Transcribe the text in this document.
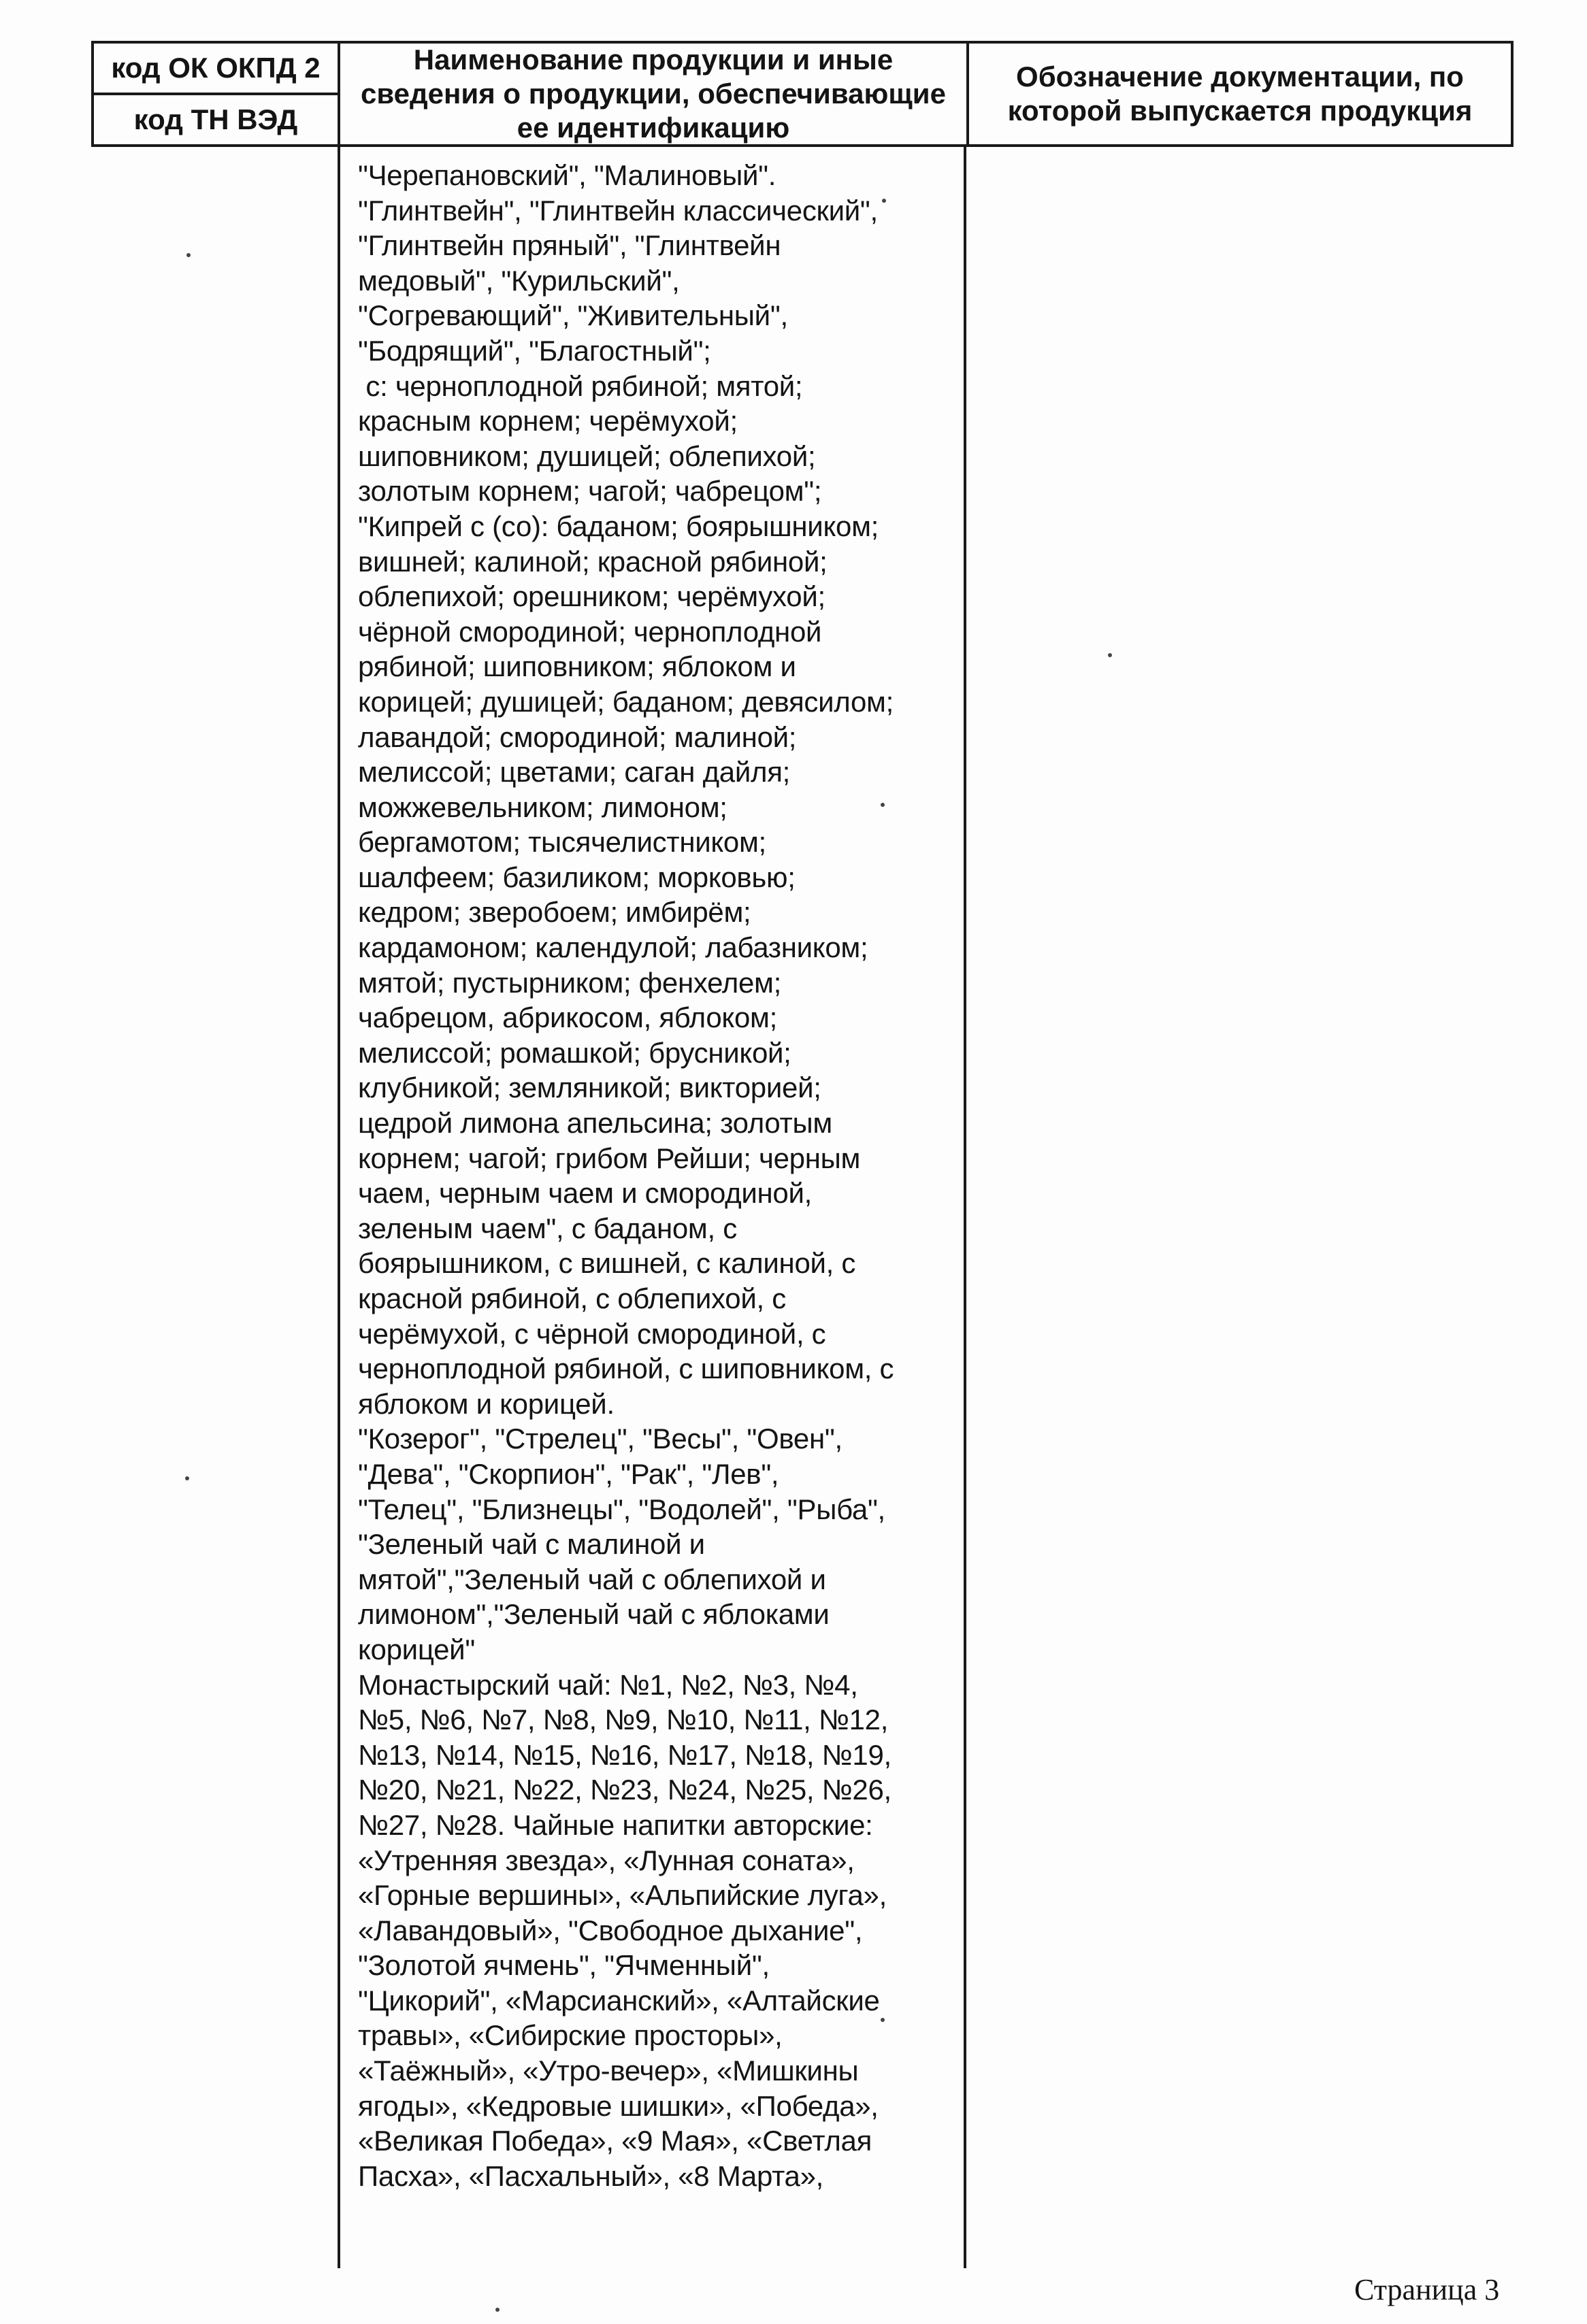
код ОК ОКПД 2
код ТН ВЭД
Наименование продукции и иные сведения о продукции, обеспечивающие ее идентификацию
Обозначение документации, по которой выпускается продукция
"Черепановский", "Малиновый".
"Глинтвейн", "Глинтвейн классический",
"Глинтвейн пряный", "Глинтвейн
медовый", "Курильский",
"Согревающий", "Живительный",
"Бодрящий", "Благостный";
с: черноплодной рябиной; мятой;
красным корнем; черёмухой;
шиповником; душицей; облепихой;
золотым корнем; чагой; чабрецом";
"Кипрей с (со): баданом; боярышником;
вишней; калиной; красной рябиной;
облепихой; орешником; черёмухой;
чёрной смородиной; черноплодной
рябиной; шиповником; яблоком и
корицей; душицей; баданом; девясилом;
лавандой; смородиной; малиной;
мелиссой; цветами; саган дайля;
можжевельником; лимоном;
бергамотом; тысячелистником;
шалфеем; базиликом; морковью;
кедром; зверобоем; имбирём;
кардамоном; календулой; лабазником;
мятой; пустырником; фенхелем;
чабрецом, абрикосом, яблоком;
мелиссой; ромашкой; брусникой;
клубникой; земляникой; викторией;
цедрой лимона апельсина; золотым
корнем; чагой; грибом Рейши; черным
чаем, черным чаем и смородиной,
зеленым чаем", с баданом, с
боярышником, с вишней, с калиной, с
красной рябиной, с облепихой, с
черёмухой, с чёрной смородиной, с
черноплодной рябиной, с шиповником, с
яблоком и корицей.
"Козерог", "Стрелец", "Весы", "Овен",
"Дева", "Скорпион", "Рак", "Лев",
"Телец", "Близнецы", "Водолей", "Рыба",
"Зеленый чай с малиной и
мятой","Зеленый чай с облепихой и
лимоном","Зеленый чай с яблоками
корицей"
Монастырский чай: №1, №2, №3, №4,
№5, №6, №7, №8, №9, №10, №11, №12,
№13, №14, №15, №16, №17, №18, №19,
№20, №21, №22, №23, №24, №25, №26,
№27, №28. Чайные напитки авторские:
«Утренняя звезда», «Лунная соната»,
«Горные вершины», «Альпийские луга»,
«Лавандовый», "Свободное дыхание",
"Золотой ячмень", "Ячменный",
"Цикорий", «Марсианский», «Алтайские
травы», «Сибирские просторы»,
«Таёжный», «Утро-вечер», «Мишкины
ягоды», «Кедровые шишки», «Победа»,
«Великая Победа», «9 Мая», «Светлая
Пасха», «Пасхальный», «8 Марта»,
Страница 3
